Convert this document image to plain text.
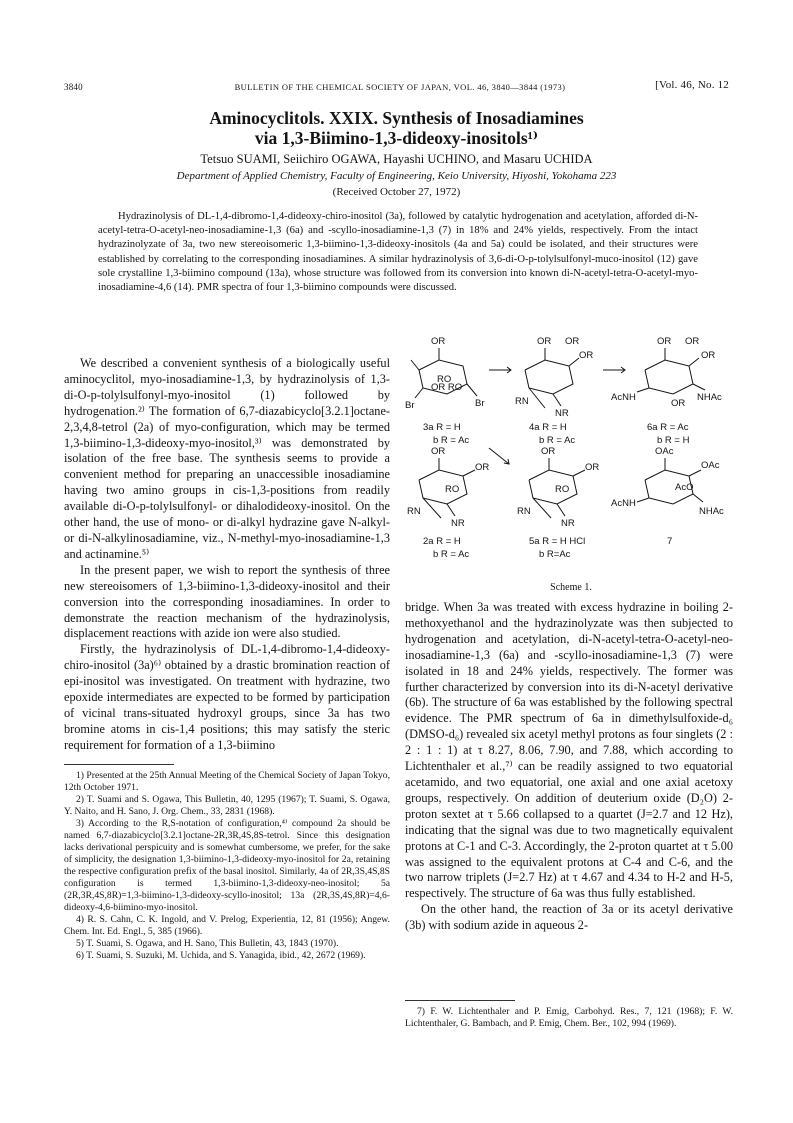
3840	BULLETIN OF THE CHEMICAL SOCIETY OF JAPAN, VOL. 46, 3840—3844 (1973)	[Vol. 46, No. 12
Aminocyclitols. XXIX. Synthesis of Inosadiamines
via 1,3-Biimino-1,3-dideoxy-inositols¹⁾
Tetsuo SUAMI, Seiichiro OGAWA, Hayashi UCHINO, and Masaru UCHIDA
Department of Applied Chemistry, Faculty of Engineering, Keio University, Hiyoshi, Yokohama 223
(Received October 27, 1972)
Hydrazinolysis of DL-1,4-dibromo-1,4-dideoxy-chiro-inositol (3a), followed by catalytic hydrogenation and acetylation, afforded di-N-acetyl-tetra-O-acetyl-neo-inosadiamine-1,3 (6a) and -scyllo-inosadiamine-1,3 (7) in 18% and 24% yields, respectively. From the intact hydrazinolyzate of 3a, two new stereoisomeric 1,3-biimino-1,3-dideoxy-inositols (4a and 5a) could be isolated, and their structures were established by correlating to the corresponding inosadiamines. A similar hydrazinolysis of 3,6-di-O-p-tolylsulfonyl-muco-inositol (12) gave sole crystalline 1,3-biimino compound (13a), whose structure was followed from its conversion into known di-N-acetyl-tetra-O-acetyl-myo-inosadiamine-4,6 (14). PMR spectra of four 1,3-biimino compounds were discussed.

We described a convenient synthesis of a biologically useful aminocyclitol, myo-inosadiamine-1,3, by hydrazinolysis of 1,3-di-O-p-tolylsulfonyl-myo-inositol (1) followed by hydrogenation.²⁾ The formation of 6,7-diazabicyclo[3.2.1]octane-2,3,4,8-tetrol (2a) of myo-configuration, which may be termed 1,3-biimino-1,3-dideoxy-myo-inositol,³⁾ was demonstrated by isolation of the free base. The synthesis seems to provide a convenient method for preparing an unaccessible inosadiamine having two amino groups in cis-1,3-positions from readily available di-O-p-tolylsulfonyl- or dihalodideoxy-inositol. On the other hand, the use of mono- or di-alkyl hydrazine gave N-alkyl- or di-N-alkylinosadiamine, viz., N-methyl-myo-inosadiamine-1,3 and actinamine.⁵⁾

In the present paper, we wish to report the synthesis of three new stereoisomers of 1,3-biimino-1,3-dideoxy-inositol and their conversion into the corresponding inosadiamines. In order to demonstrate the reaction mechanism of the hydrazinolysis, displacement reactions with azide ion were also studied.

Firstly, the hydrazinolysis of DL-1,4-dibromo-1,4-dideoxy-chiro-inositol (3a)⁶⁾ obtained by a drastic bromination reaction of epi-inositol was investigated. On treatment with hydrazine, two epoxide intermediates are expected to be formed by participation of vicinal trans-situated hydroxyl groups, since 3a has two bromine atoms in cis-1,4 positions; this may satisfy the steric requirement for formation of a 1,3-biimino

1) Presented at the 25th Annual Meeting of the Chemical Society of Japan Tokyo, 12th October 1971.

2) T. Suami and S. Ogawa, This Bulletin, 40, 1295 (1967); T. Suami, S. Ogawa, Y. Naito, and H. Sano, J. Org. Chem., 33, 2831 (1968).

3) According to the R,S-notation of configuration,⁴⁾ compound 2a should be named 6,7-diazabicyclo[3.2.1]octane-2R,3R,4S,8S-tetrol. Since this designation lacks derivational perspicuity and is somewhat cumbersome, we prefer, for the sake of simplicity, the designation 1,3-biimino-1,3-dideoxy-myo-inositol for 2a, retaining the respective configuration prefix of the basal inositol. Similarly, 4a of 2R,3S,4S,8S configuration is termed 1,3-biimino-1,3-dideoxy-neo-inositol; 5a (2R,3R,4S,8R)=1,3-biimino-1,3-dideoxy-scyllo-inositol; 13a (2R,3S,4S,8R)=4,6-dideoxy-4,6-biimino-myo-inositol.

4) R. S. Cahn, C. K. Ingold, and V. Prelog, Experientia, 12, 81 (1956); Angew. Chem. Int. Ed. Engl., 5, 385 (1966).

5) T. Suami, S. Ogawa, and H. Sano, This Bulletin, 43, 1843 (1970).

6) T. Suami, S. Suzuki, M. Uchida, and S. Yanagida, ibid., 42, 2672 (1969).

OR
RO
OR RO
Br	Br
OR OR
OR
RN
NR
OR OR
OR
AcNH
OR
NHAc
OR
OR
RO
RN
NR
OR
OR
RO
RN
NR
OAc
OAc
AcO
AcNH
NHAc
3a R = H
b R = Ac
4a R = H
b R = Ac
6a R = Ac
b R = H
2a R = H
b R = Ac
5a R = H HCl
b R=Ac
7
Scheme 1.

bridge. When 3a was treated with excess hydrazine in boiling 2-methoxyethanol and the hydrazinolyzate was then subjected to hydrogenation and acetylation, di-N-acetyl-tetra-O-acetyl-neo-inosadiamine-1,3 (6a) and -scyllo-inosadiamine-1,3 (7) were isolated in 18 and 24% yields, respectively. The former was further characterized by conversion into its di-N-acetyl derivative (6b). The structure of 6a was established by the following spectral evidence. The PMR spectrum of 6a in dimethylsulfoxide-d₆ (DMSO-d₆) revealed six acetyl methyl protons as four singlets (2 : 2 : 1 : 1) at τ 8.27, 8.06, 7.90, and 7.88, which according to Lichtenthaler et al.,⁷⁾ can be readily assigned to two equatorial acetamido, and two equatorial, one axial and one axial acetoxy groups, respectively. On addition of deuterium oxide (D₂O) 2-proton sextet at τ 5.66 collapsed to a quartet (J=2.7 and 12 Hz), indicating that the signal was due to two magnetically equivalent protons at C-1 and C-3. Accordingly, the 2-proton quartet at τ 5.00 was assigned to the equivalent protons at C-4 and C-6, and the two narrow triplets (J=2.7 Hz) at τ 4.67 and 4.34 to H-2 and H-5, respectively. The structure of 6a was thus fully established.

On the other hand, the reaction of 3a or its acetyl derivative (3b) with sodium azide in aqueous 2-

7) F. W. Lichtenthaler and P. Emig, Carbohyd. Res., 7, 121 (1968); F. W. Lichtenthaler, G. Bambach, and P. Emig, Chem. Ber., 102, 994 (1969).
